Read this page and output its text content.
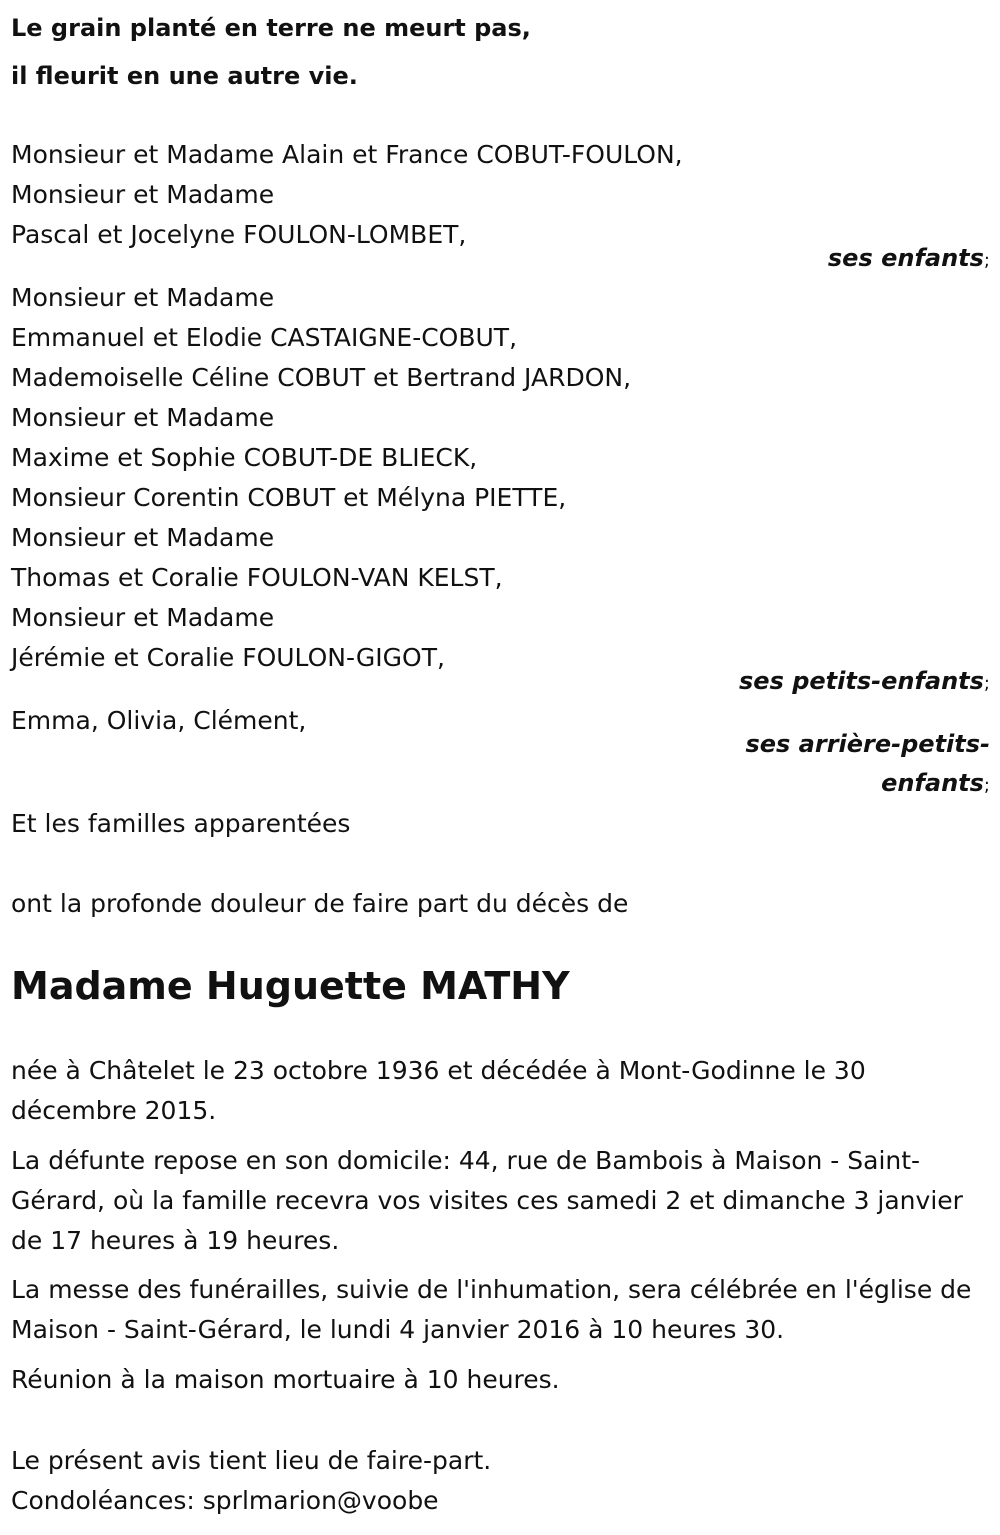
Le grain planté en terre ne meurt pas,
il fleurit en une autre vie.
Monsieur et Madame Alain et France COBUT-FOULON,
Monsieur et Madame
Pascal et Jocelyne FOULON-LOMBET,
ses enfants;
Monsieur et Madame
Emmanuel et Elodie CASTAIGNE-COBUT,
Mademoiselle Céline COBUT et Bertrand JARDON,
Monsieur et Madame
Maxime et Sophie COBUT-DE BLIECK,
Monsieur Corentin COBUT et Mélyna PIETTE,
Monsieur et Madame
Thomas et Coralie FOULON-VAN KELST,
Monsieur et Madame
Jérémie et Coralie FOULON-GIGOT,
ses petits-enfants;
Emma, Olivia, Clément,
ses arrière-petits-
enfants;
Et les familles apparentées
ont la profonde douleur de faire part du décès de
Madame Huguette MATHY
née à Châtelet le 23 octobre 1936 et décédée à Mont-Godinne le 30 décembre 2015.
La défunte repose en son domicile: 44, rue de Bambois à Maison - Saint-Gérard, où la famille recevra vos visites ces samedi 2 et dimanche 3 janvier de 17 heures à 19 heures.
La messe des funérailles, suivie de l'inhumation, sera célébrée en l'église de Maison - Saint-Gérard, le lundi 4 janvier 2016 à 10 heures 30.
Réunion à la maison mortuaire à 10 heures.
Le présent avis tient lieu de faire-part.
Condoléances: sprlmarion@voobe
